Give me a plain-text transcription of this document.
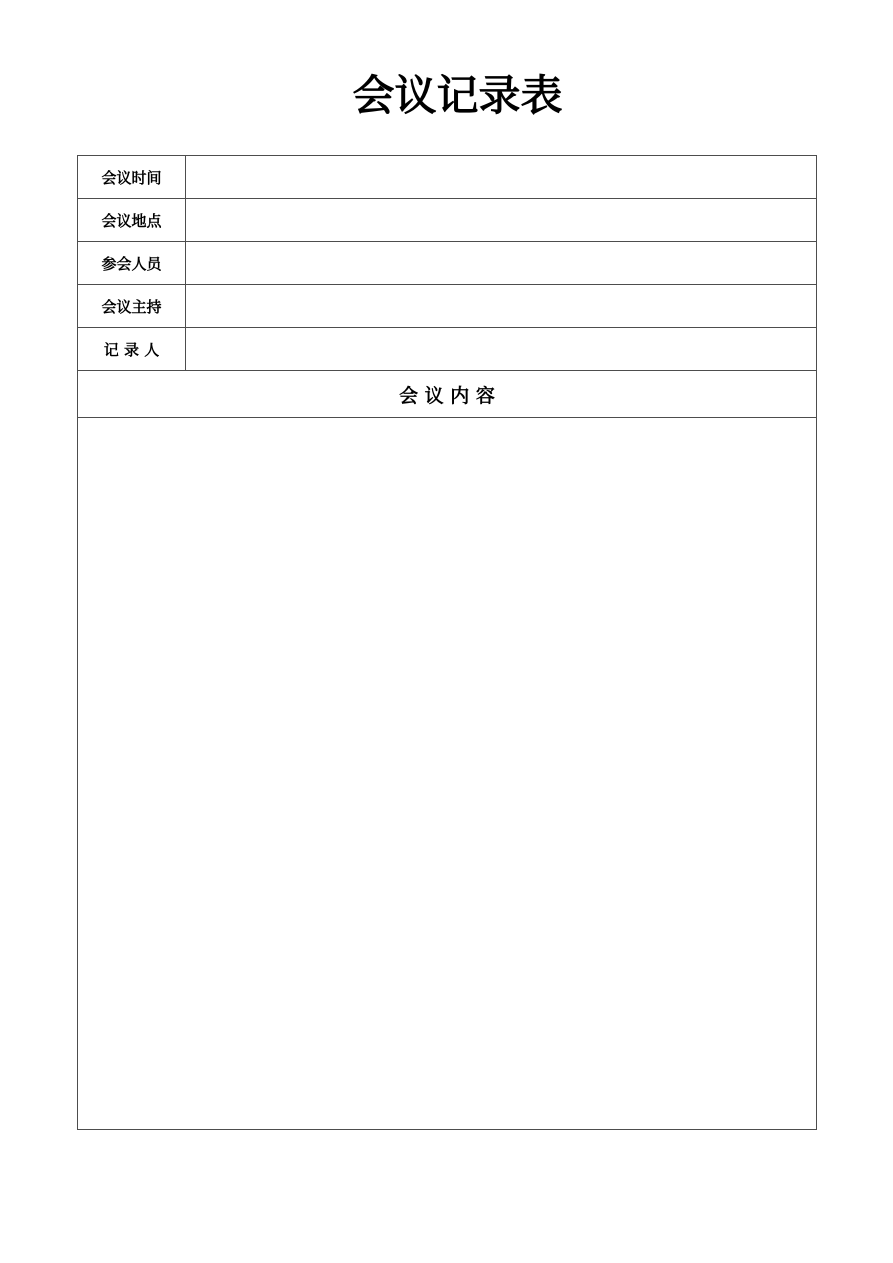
会议记录表
会议时间	
会议地点	
参会人员	
会议主持	
记 录 人	
会 议 内 容	
